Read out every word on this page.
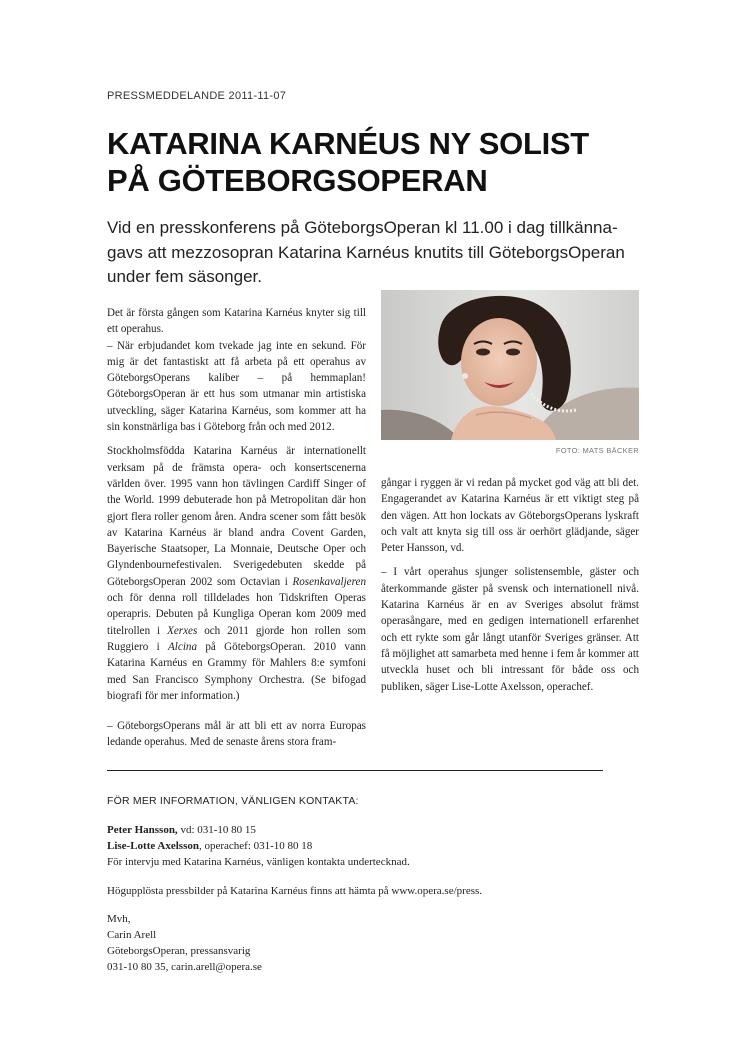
PRESSMEDDELANDE 2011-11-07
KATARINA KARNÉUS NY SOLIST
PÅ GÖTEBORGSOPERAN
Vid en presskonferens på GöteborgsOperan kl 11.00 i dag tillkänna-
gavs att mezzosopran Katarina Karnéus knutits till GöteborgsOperan
under fem säsonger.

Det är första gången som Katarina Karnéus knyter sig till ett operahus.

– När erbjudandet kom tvekade jag inte en sekund. För mig är det fantastiskt att få arbeta på ett operahus av GöteborgsOperans kaliber – på hemmaplan! GöteborgsOperan är ett hus som utmanar min artistiska utveckling, säger Katarina Karnéus, som kommer att ha sin konstnärliga bas i Göteborg från och med 2012.

Stockholmsfödda Katarina Karnéus är internationellt verksam på de främsta opera- och konsertscenerna världen över. 1995 vann hon tävlingen Cardiff Singer of the World. 1999 debuterade hon på Metropolitan där hon gjort flera roller genom åren. Andra scener som fått besök av Katarina Karnéus är bland andra Covent Garden, Bayerische Staatsoper, La Monnaie, Deutsche Oper och Glyndenbournefestivalen. Sverigedebuten skedde på GöteborgsOperan 2002 som Octavian i Rosenkavaljeren och för denna roll tilldelades hon Tidskriften Operas operapris. Debuten på Kungliga Operan kom 2009 med titelrollen i Xerxes och 2011 gjorde hon rollen som Ruggiero i Alcina på GöteborgsOperan. 2010 vann Katarina Karnéus en Grammy för Mahlers 8:e symfoni med San Francisco Symphony Orchestra. (Se bifogad biografi för mer information.)

– GöteborgsOperans mål är att bli ett av norra Europas ledande operahus. Med de senaste årens stora fram-

FOTO: MATS BÄCKER

gångar i ryggen är vi redan på mycket god väg att bli det. Engagerandet av Katarina Karnéus är ett viktigt steg på den vägen. Att hon lockats av GöteborgsOperans lyskraft och valt att knyta sig till oss är oerhört glädjande, säger Peter Hansson, vd.

– I vårt operahus sjunger solistensemble, gäster och återkommande gäster på svensk och internationell nivå. Katarina Karnéus är en av Sveriges absolut främst operasångare, med en gedigen internationell erfarenhet och ett rykte som går långt utanför Sveriges gränser. Att få möjlighet att samarbeta med henne i fem år kommer att utveckla huset och bli intressant för både oss och publiken, säger Lise-Lotte Axelsson, operachef.

FÖR MER INFORMATION, VÄNLIGEN KONTAKTA:
Peter Hansson, vd: 031-10 80 15
Lise-Lotte Axelsson, operachef: 031-10 80 18
För intervju med Katarina Karnéus, vänligen kontakta undertecknad.
Högupplösta pressbilder på Katarina Karnéus finns att hämta på www.opera.se/press.
Mvh,
Carin Arell
GöteborgsOperan, pressansvarig
031-10 80 35, carin.arell@opera.se
